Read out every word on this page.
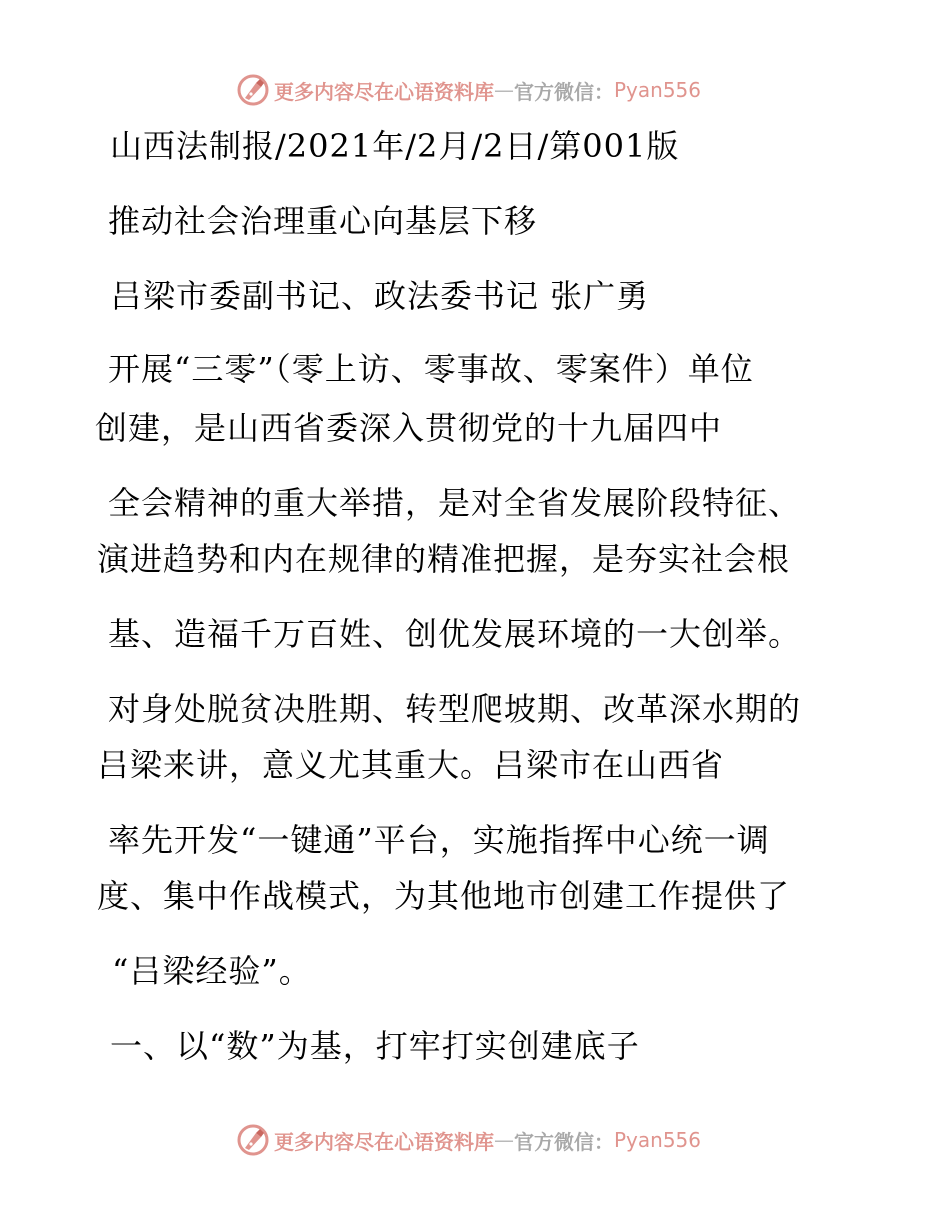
更多内容尽在心语资料库 — 官方微信： Pyan556
山西法制报/2021年/2月/2日/第001版
推动社会治理重心向基层下移
吕梁市委副书记、政法委书记 张广勇
开展“三零”（零上访、零事故、零案件）单位
创建，是山西省委深入贯彻党的十九届四中
全会精神的重大举措，是对全省发展阶段特征、
演进趋势和内在规律的精准把握，是夯实社会根
基、造福千万百姓、创优发展环境的一大创举。
对身处脱贫决胜期、转型爬坡期、改革深水期的
吕梁来讲，意义尤其重大。吕梁市在山西省
率先开发“一键通”平台，实施指挥中心统一调
度、集中作战模式，为其他地市创建工作提供了
“吕梁经验”。
一、以“数”为基，打牢打实创建底子
更多内容尽在心语资料库 — 官方微信： Pyan556
